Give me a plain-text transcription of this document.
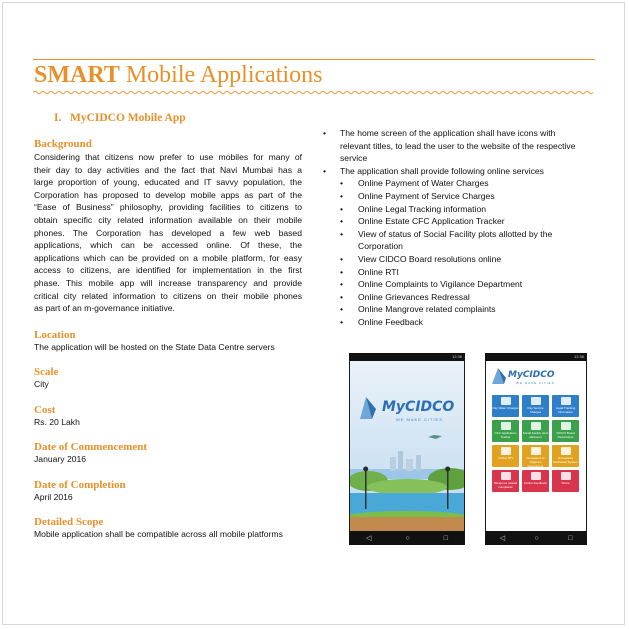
SMART Mobile Applications
I. MyCIDCO Mobile App
Background
Considering that citizens now prefer to use mobiles for many of
their day to day activities and the fact that Navi Mumbai has a
large proportion of young, educated and IT savvy population, the
Corporation has proposed to develop mobile apps as part of the
“Ease of Business” philosophy, providing facilities to citizens to
obtain specific city related information available on their mobile
phones. The Corporation has developed a few web based
applications, which can be accessed online. Of these, the
applications which can be provided on a mobile platform, for easy
access to citizens, are identified for implementation in the first
phase. This mobile app will increase transparency and provide
critical city related information to citizens on their mobile phones
as part of an m-governance initiative.
Location
The application will be hosted on the State Data Centre servers
Scale
City
Cost
Rs. 20 Lakh
Date of Commencement
January 2016
Date of Completion
April 2016
Detailed Scope
Mobile application shall be compatible across all mobile platforms
• The home screen of the application shall have icons with
relevant titles, to lead the user to the website of the respective
service
• The application shall provide following online services
• Online Payment of Water Charges
• Online Payment of Service Charges
• Online Legal Tracking information
• Online Estate CFC Application Tracker
• View of status of Social Facility plots allotted by the
Corporation
• View CIDCO Board resolutions online
• Online RTI
• Online Complaints to Vigilance Department
• Online Grievances Redressal
• Online Mangrove related complaints
• Online Feedback
12:36
MyCIDCO
WE MAKE CITIES
◁	○	□
12:36
MyCIDCO
WE MAKE CITIES
Pay Water Charges	Pay Service Charges
Legal Tracking Information
CFC Application Tracker
Social Facility plots allotment
CIDCO Board Resolutions
Online RTI	Complaints to Vigilance Department
Grievances Redressal System
Mangrove related complaints
Online Feedback	Share
◁	○	□
